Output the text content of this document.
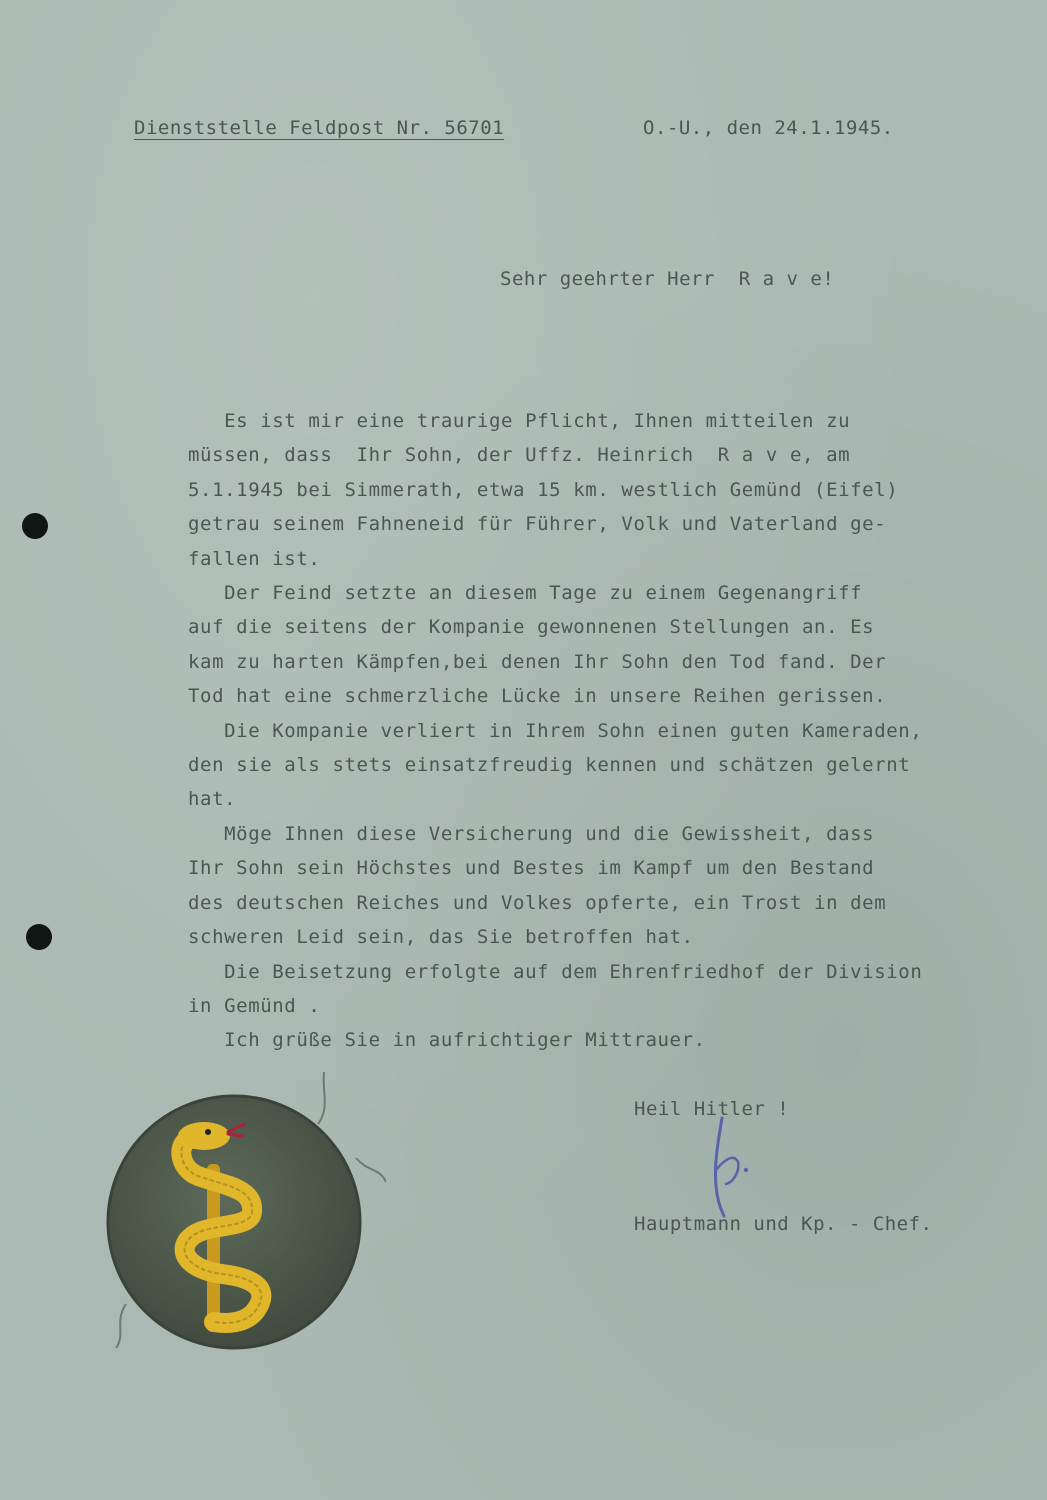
Dienststelle Feldpost Nr. 56701	O.-U., den 24.1.1945.
Sehr geehrter Herr  R a v e!
Es ist mir eine traurige Pflicht, Ihnen mitteilen zu
müssen, dass  Ihr Sohn, der Uffz. Heinrich  R a v e, am
5.1.1945 bei Simmerath, etwa 15 km. westlich Gemünd (Eifel)
getrau seinem Fahneneid für Führer, Volk und Vaterland ge-
fallen ist.
Der Feind setzte an diesem Tage zu einem Gegenangriff
auf die seitens der Kompanie gewonnenen Stellungen an. Es
kam zu harten Kämpfen,bei denen Ihr Sohn den Tod fand. Der
Tod hat eine schmerzliche Lücke in unsere Reihen gerissen.
Die Kompanie verliert in Ihrem Sohn einen guten Kameraden,
den sie als stets einsatzfreudig kennen und schätzen gelernt
hat.
Möge Ihnen diese Versicherung und die Gewissheit, dass
Ihr Sohn sein Höchstes und Bestes im Kampf um den Bestand
des deutschen Reiches und Volkes opferte, ein Trost in dem
schweren Leid sein, das Sie betroffen hat.
Die Beisetzung erfolgte auf dem Ehrenfriedhof der Division
in Gemünd .
Ich grüße Sie in aufrichtiger Mittrauer.
Heil Hitler !
Hauptmann und Kp. - Chef.
